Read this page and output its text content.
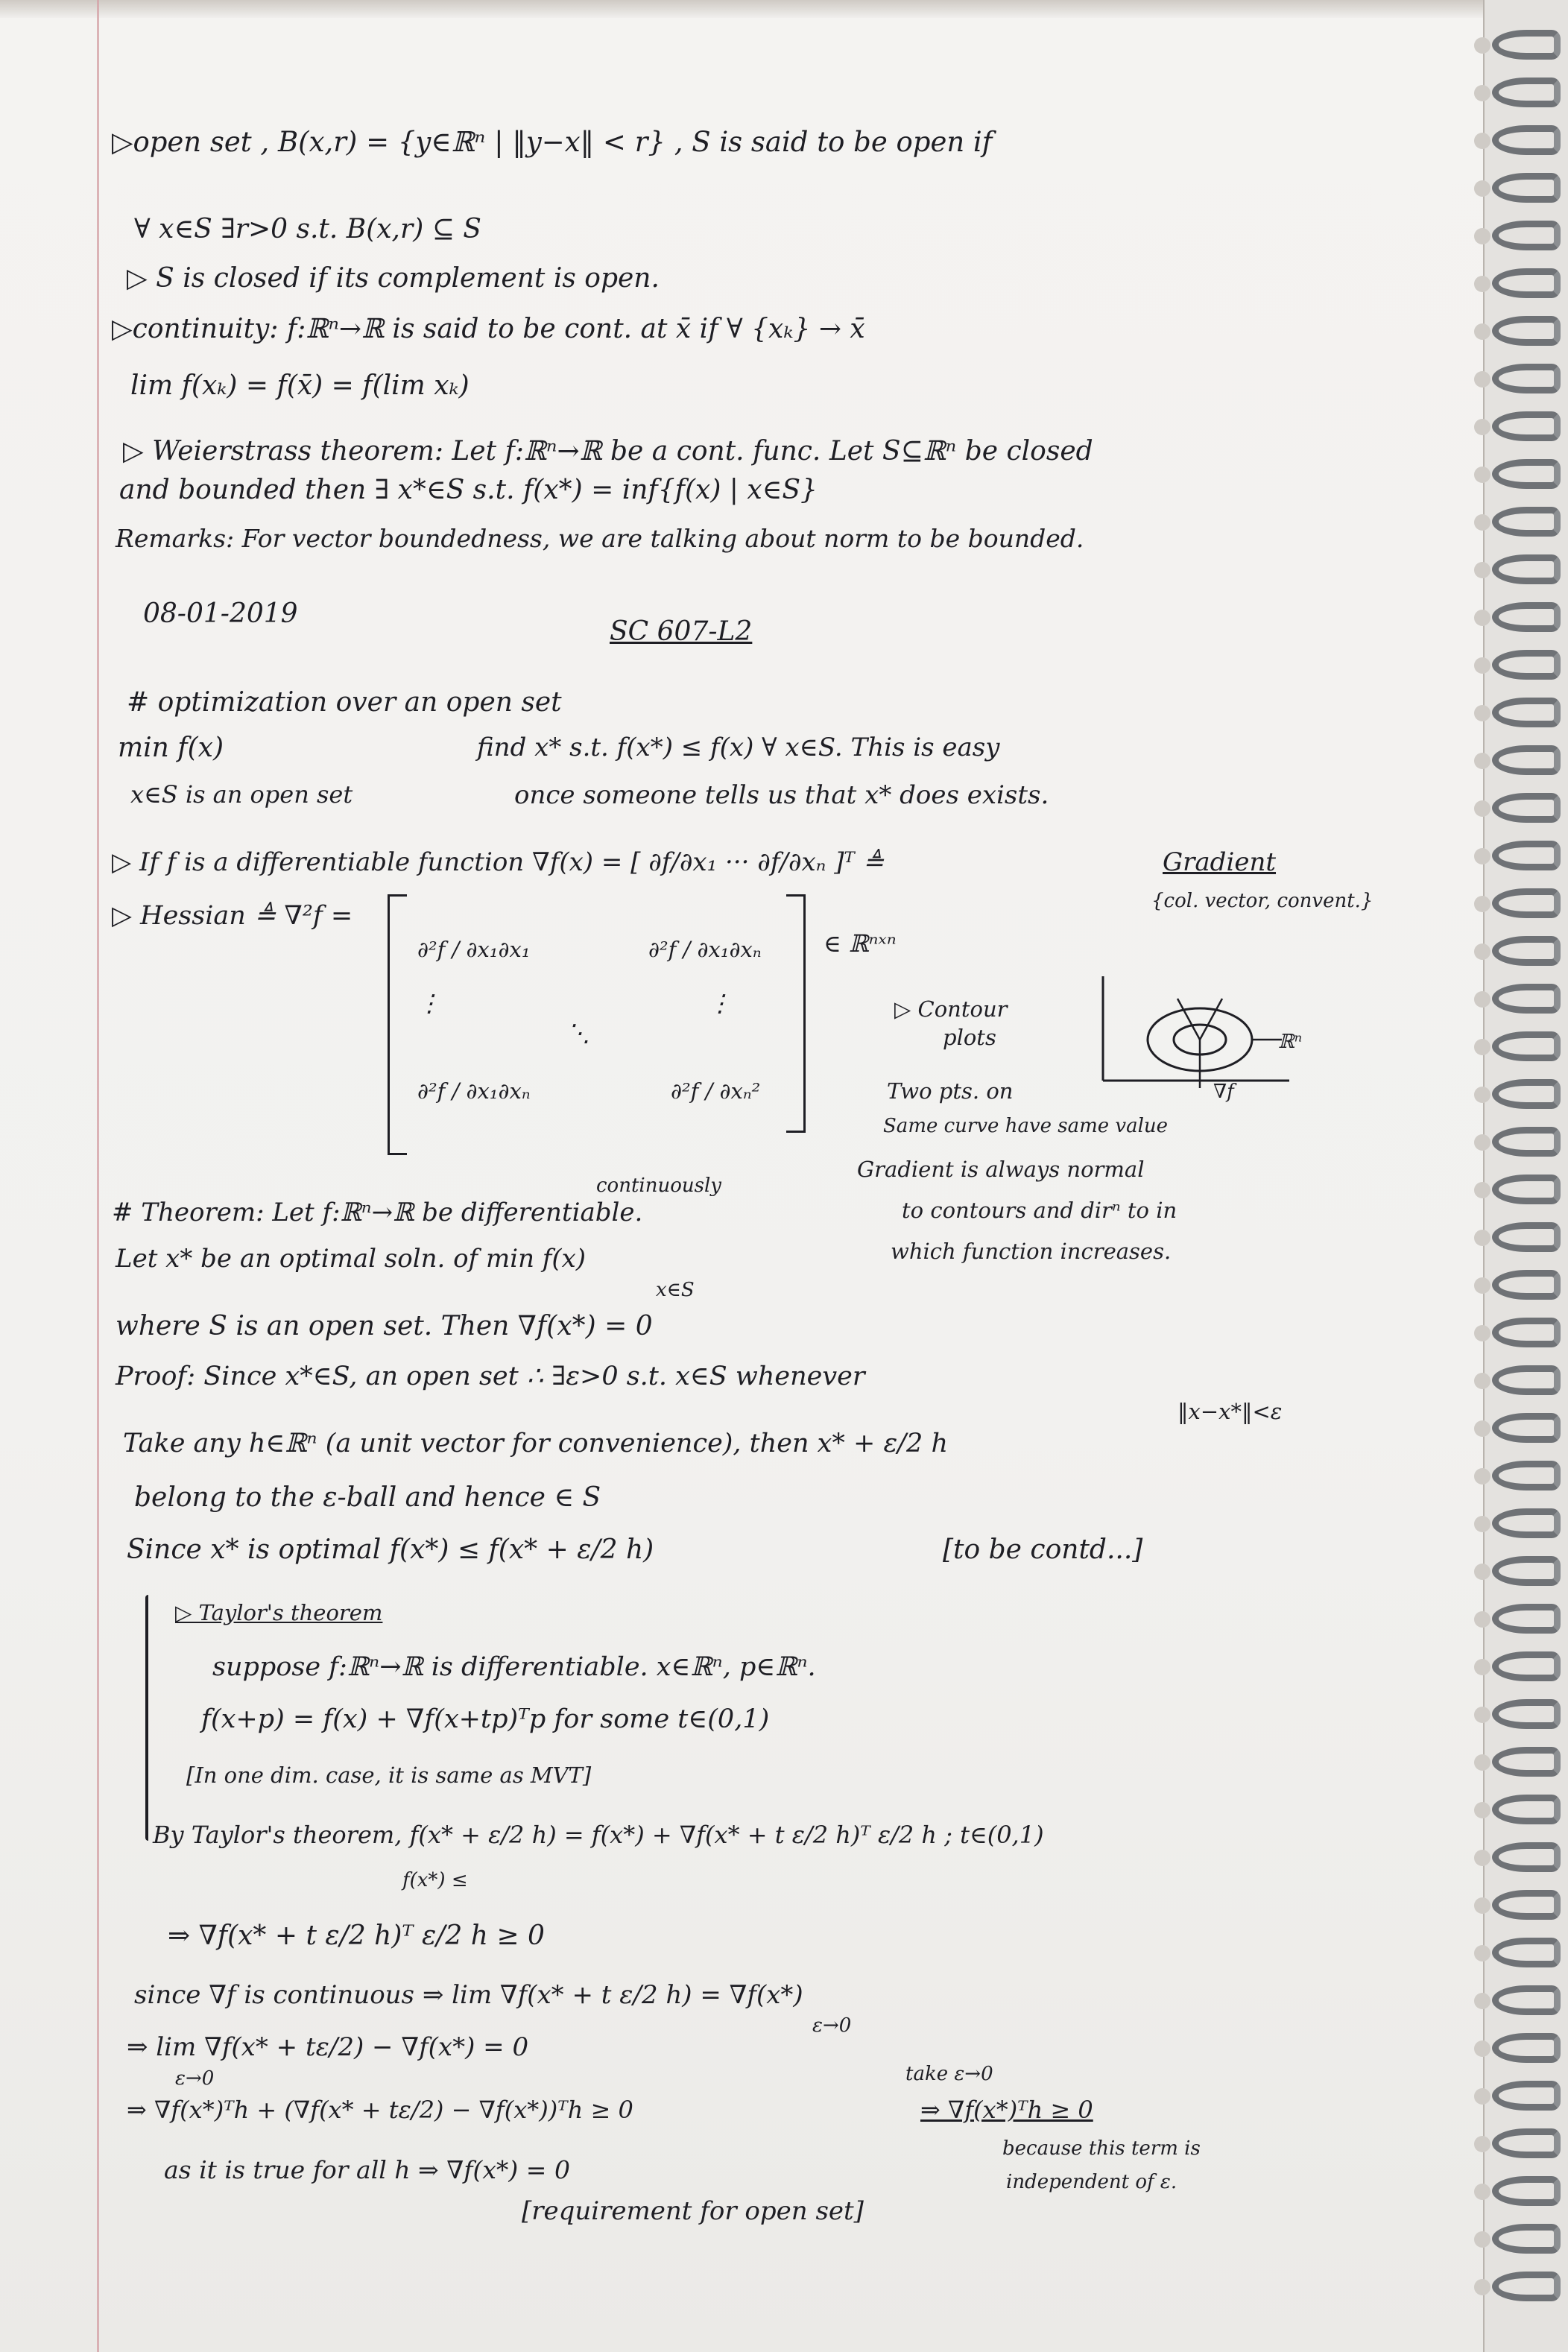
▷open set , B(x,r) = {y∈ℝⁿ | ‖y−x‖ < r} , S is said to be open if
∀ x∈S ∃r>0 s.t. B(x,r) ⊆ S
▷ S is closed if its complement is open.
▷continuity: f:ℝⁿ→ℝ is said to be cont. at x̄ if ∀ {xₖ} → x̄
lim f(xₖ) = f(x̄) = f(lim xₖ)
▷ Weierstrass theorem: Let f:ℝⁿ→ℝ be a cont. func. Let S⊆ℝⁿ be closed
and bounded then ∃ x*∈S s.t. f(x*) = inf{f(x) | x∈S}
Remarks: For vector boundedness, we are talking about norm to be bounded.
08-01-2019
SC 607-L2
# optimization over an open set
min f(x)	find x* s.t. f(x*) ≤ f(x) ∀ x∈S. This is easy
x∈S is an open set	once someone tells us that x* does exists.
▷ If f is a differentiable function ∇f(x) = [ ∂f/∂x₁ ··· ∂f/∂xₙ ]ᵀ ≜	Gradient
{col. vector, convent.}
▷ Hessian ≜ ∇²f =
∂²f / ∂x₁∂x₁	∂²f / ∂x₁∂xₙ
⋮	⋮
⋱
∂²f / ∂x₁∂xₙ	∂²f / ∂xₙ²
∈ ℝⁿˣⁿ
▷ Contour
plots
Two pts. on
Same curve have same value
ℝⁿ
∇f
continuously
Gradient is always normal
# Theorem: Let f:ℝⁿ→ℝ be differentiable.	to contours and dirⁿ to in
Let x* be an optimal soln. of min f(x)	which function increases.
x∈S
where S is an open set. Then ∇f(x*) = 0
Proof: Since x*∈S, an open set ∴ ∃ε>0 s.t. x∈S whenever
‖x−x*‖<ε
Take any h∈ℝⁿ (a unit vector for convenience), then x* + ε/2 h
belong to the ε-ball and hence ∈ S
Since x* is optimal f(x*) ≤ f(x* + ε/2 h)	[to be contd...]
▷ Taylor's theorem
suppose f:ℝⁿ→ℝ is differentiable. x∈ℝⁿ, p∈ℝⁿ.
f(x+p) = f(x) + ∇f(x+tp)ᵀp for some t∈(0,1)
[In one dim. case, it is same as MVT]
By Taylor's theorem, f(x* + ε/2 h) = f(x*) + ∇f(x* + t ε/2 h)ᵀ ε/2 h ; t∈(0,1)
f(x*) ≤
⇒ ∇f(x* + t ε/2 h)ᵀ ε/2 h ≥ 0
since ∇f is continuous ⇒ lim ∇f(x* + t ε/2 h) = ∇f(x*)
ε→0
⇒ lim ∇f(x* + tε/2) − ∇f(x*) = 0
ε→0
⇒ ∇f(x*)ᵀh + (∇f(x* + tε/2) − ∇f(x*))ᵀh ≥ 0
take ε→0
⇒ ∇f(x*)ᵀh ≥ 0
as it is true for all h ⇒ ∇f(x*) = 0
because this term is
[requirement for open set]
independent of ε.
